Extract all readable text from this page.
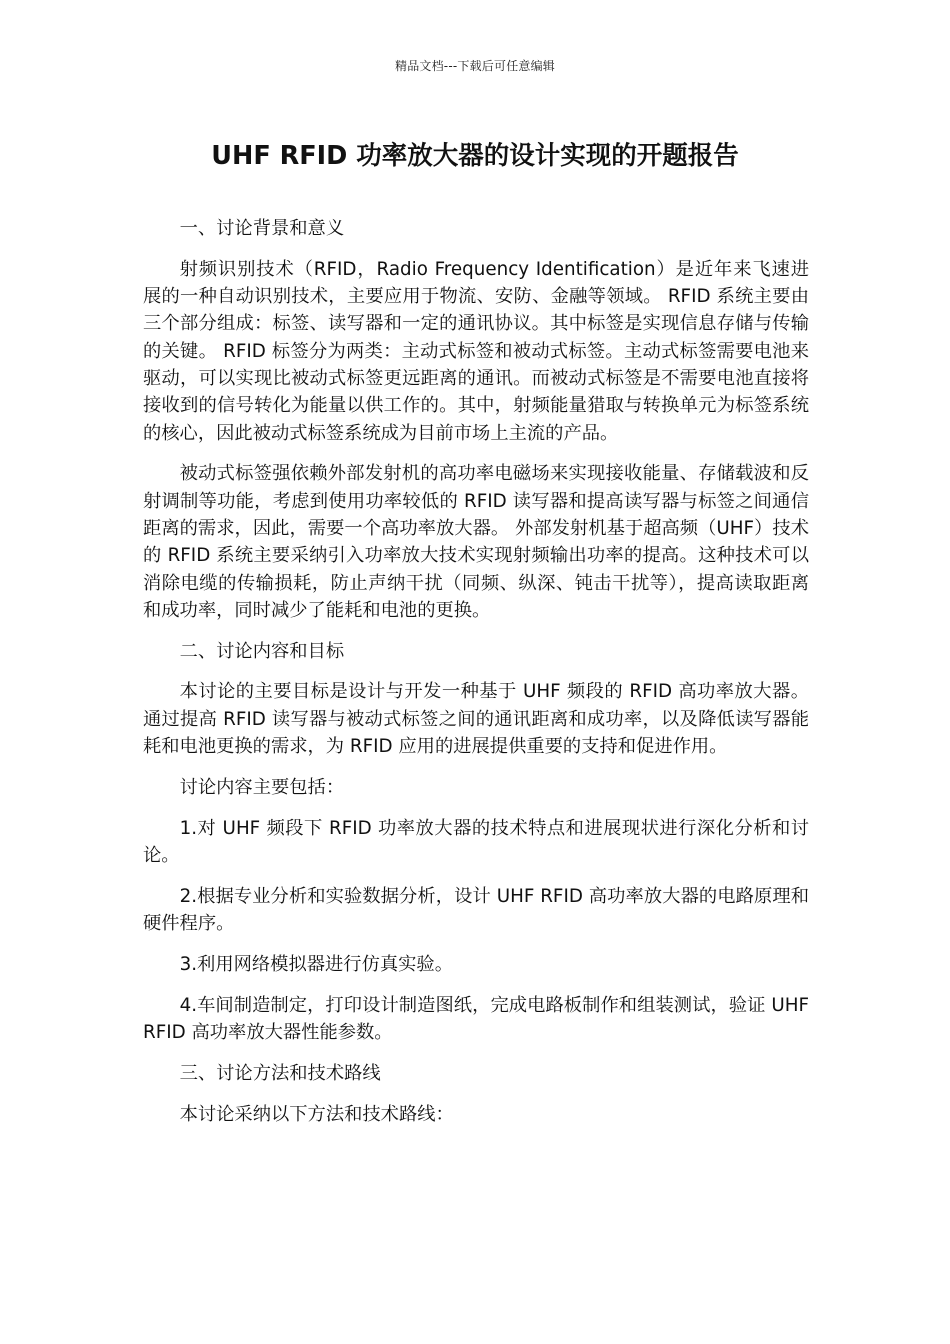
精品文档---下载后可任意编辑
UHF RFID 功率放大器的设计实现的开题报告

一、讨论背景和意义

射频识别技术（RFID，Radio Frequency Identification）是近年来飞速进展的一种自动识别技术，主要应用于物流、安防、金融等领域。 RFID 系统主要由三个部分组成：标签、读写器和一定的通讯协议。其中标签是实现信息存储与传输的关键。 RFID 标签分为两类：主动式标签和被动式标签。主动式标签需要电池来驱动，可以实现比被动式标签更远距离的通讯。而被动式标签是不需要电池直接将接收到的信号转化为能量以供工作的。其中，射频能量猎取与转换单元为标签系统的核心，因此被动式标签系统成为目前市场上主流的产品。

被动式标签强依赖外部发射机的高功率电磁场来实现接收能量、存储载波和反射调制等功能，考虑到使用功率较低的 RFID 读写器和提高读写器与标签之间通信距离的需求，因此，需要一个高功率放大器。 外部发射机基于超高频（UHF）技术的 RFID 系统主要采纳引入功率放大技术实现射频输出功率的提高。这种技术可以消除电缆的传输损耗，防止声纳干扰（同频、纵深、钝击干扰等），提高读取距离和成功率，同时减少了能耗和电池的更换。

二、讨论内容和目标

本讨论的主要目标是设计与开发一种基于 UHF 频段的 RFID 高功率放大器。通过提高 RFID 读写器与被动式标签之间的通讯距离和成功率，以及降低读写器能耗和电池更换的需求，为 RFID 应用的进展提供重要的支持和促进作用。

讨论内容主要包括：

1.对 UHF 频段下 RFID 功率放大器的技术特点和进展现状进行深化分析和讨论。

2.根据专业分析和实验数据分析，设计 UHF RFID 高功率放大器的电路原理和硬件程序。

3.利用网络模拟器进行仿真实验。

4.车间制造制定，打印设计制造图纸，完成电路板制作和组装测试，验证 UHF RFID 高功率放大器性能参数。

三、讨论方法和技术路线

本讨论采纳以下方法和技术路线：
